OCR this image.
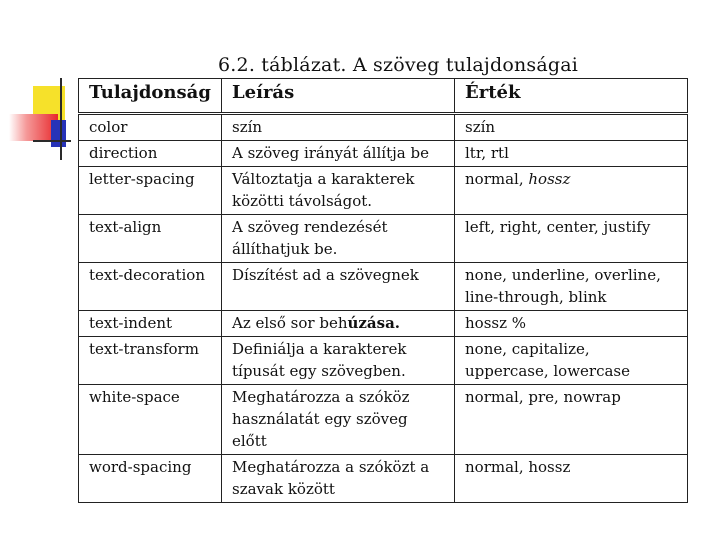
6.2. táblázat. A szöveg tulajdonságai
Tulajdonság	Leírás	Érték
color	szín	szín
direction	A szöveg irányát állítja be	ltr, rtl
letter-spacing	Változtatja a karakterek közötti távolságot.	normal, hossz
text-align	A szöveg rendezését állíthatjuk be.	left, right, center, justify
text-decoration	Díszítést ad a szövegnek	none, underline, overline, line-through, blink
text-indent	Az első sor behúzása.	hossz %
text-transform	Definiálja a karakterek típusát egy szövegben.	none, capitalize, uppercase, lowercase
white-space	Meghatározza a szóköz használatát egy szöveg előtt	normal, pre, nowrap
word-spacing	Meghatározza a szóközt a szavak között	normal, hossz
